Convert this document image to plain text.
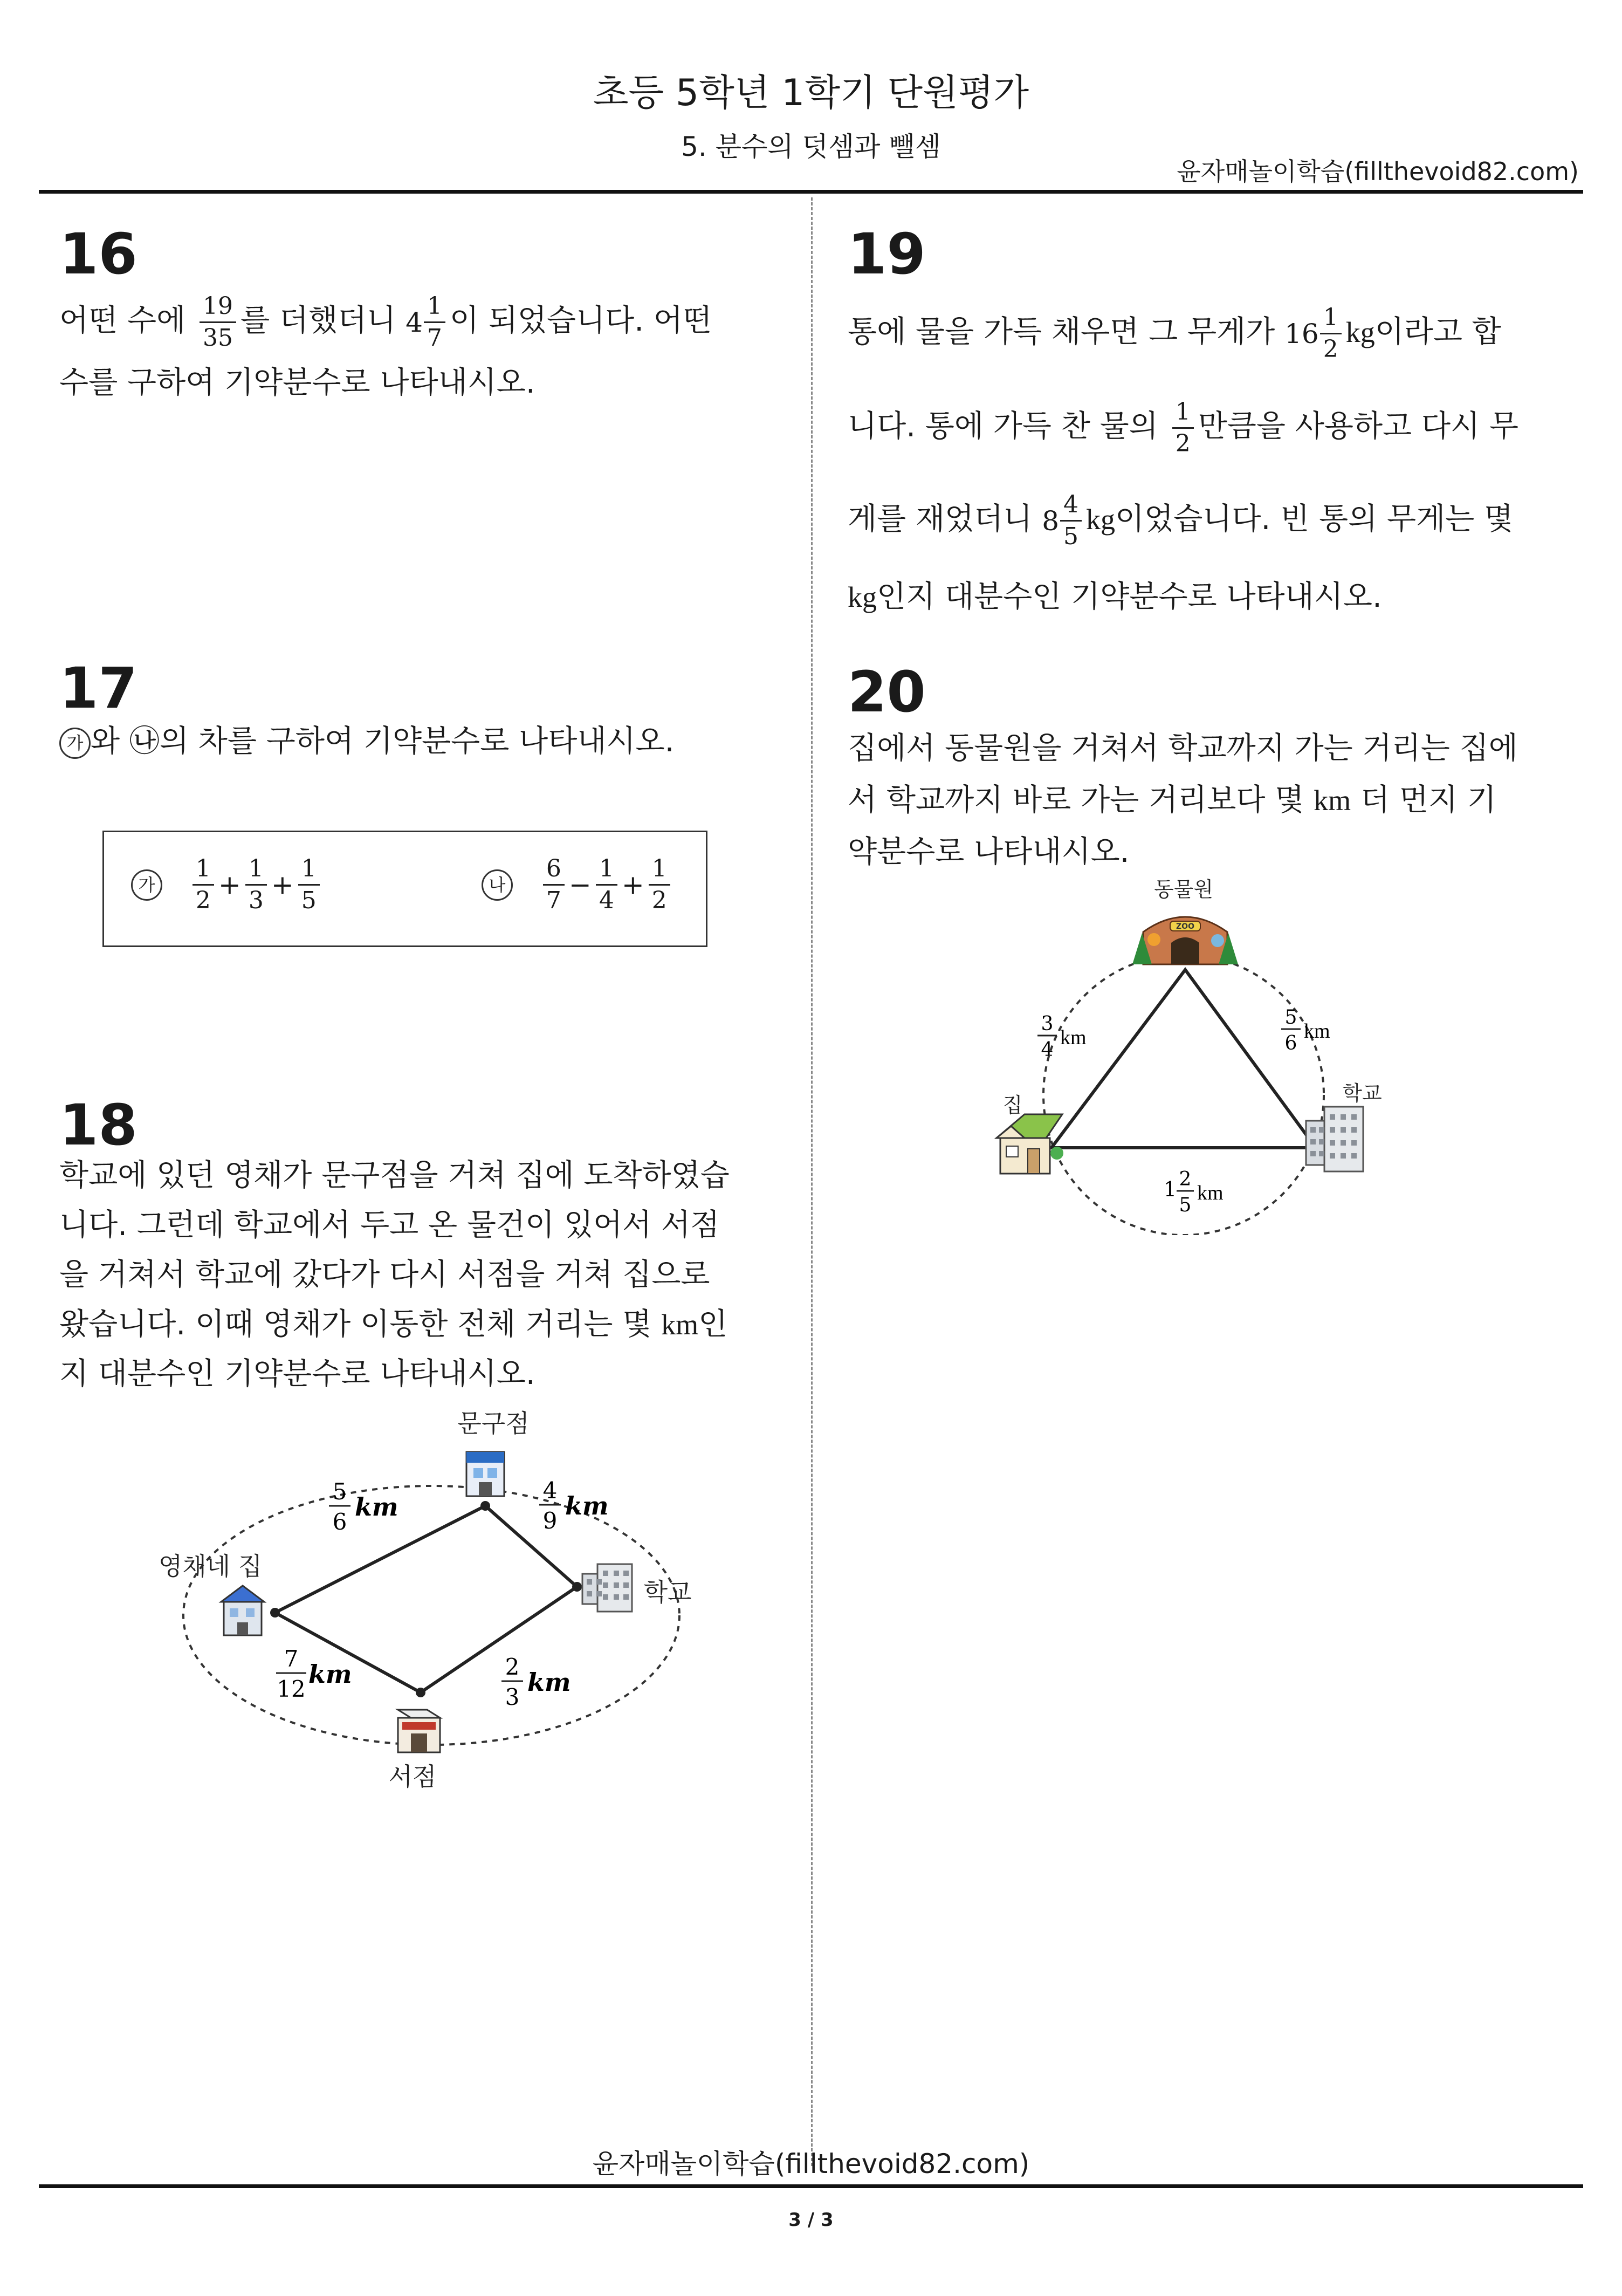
초등 5학년 1학기 단원평가
5. 분수의 덧셈과 뺄셈
윤자매놀이학습(fillthevoid82.com)
16
어떤 수에 $\frac{19}{35}$ 를 더했더니 $4 \frac{1}{7}$ 이 되었습니다. 어떤
수를 구하여 기약분수로 나타내시오.
17
가 와 ㉯의 차를 구하여 기약분수로 나타내시오.
가 $\frac{1}{2} + \frac{1}{3} + \frac{1}{5}$	나 $\frac{6}{7} - \frac{1}{4} + \frac{1}{2}$
18
학교에 있던 영채가 문구점을 거쳐 집에 도착하였습
니다. 그런데 학교에서 두고 온 물건이 있어서 서점
을 거쳐서 학교에 갔다가 다시 서점을 거쳐 집으로
왔습니다. 이때 영채가 이동한 전체 거리는 몇 km인
지 대분수인 기약분수로 나타내시오.
문구점
영채네 집
학교
서점
5
6
km
4
9
km
7
12
km	2
3
km
19
통에 물을 가득 채우면 그 무게가 $16 \frac{1}{2}$ kg이라고 합
니다. 통에 가득 찬 물의 $\frac{1}{2}$ 만큼을 사용하고 다시 무
게를 재었더니 $8 \frac{4}{5}$ kg이었습니다. 빈 통의 무게는 몇
kg인지 대분수인 기약분수로 나타내시오.
20
집에서 동물원을 거쳐서 학교까지 가는 거리는 집에
서 학교까지 바로 가는 거리보다 몇 km 더 먼지 기
약분수로 나타내시오.
ZOO
동물원
집	학교
3
4
km
5
6
km
1 2
5
km
윤자매놀이학습(fillthevoid82.com)
3 / 3
